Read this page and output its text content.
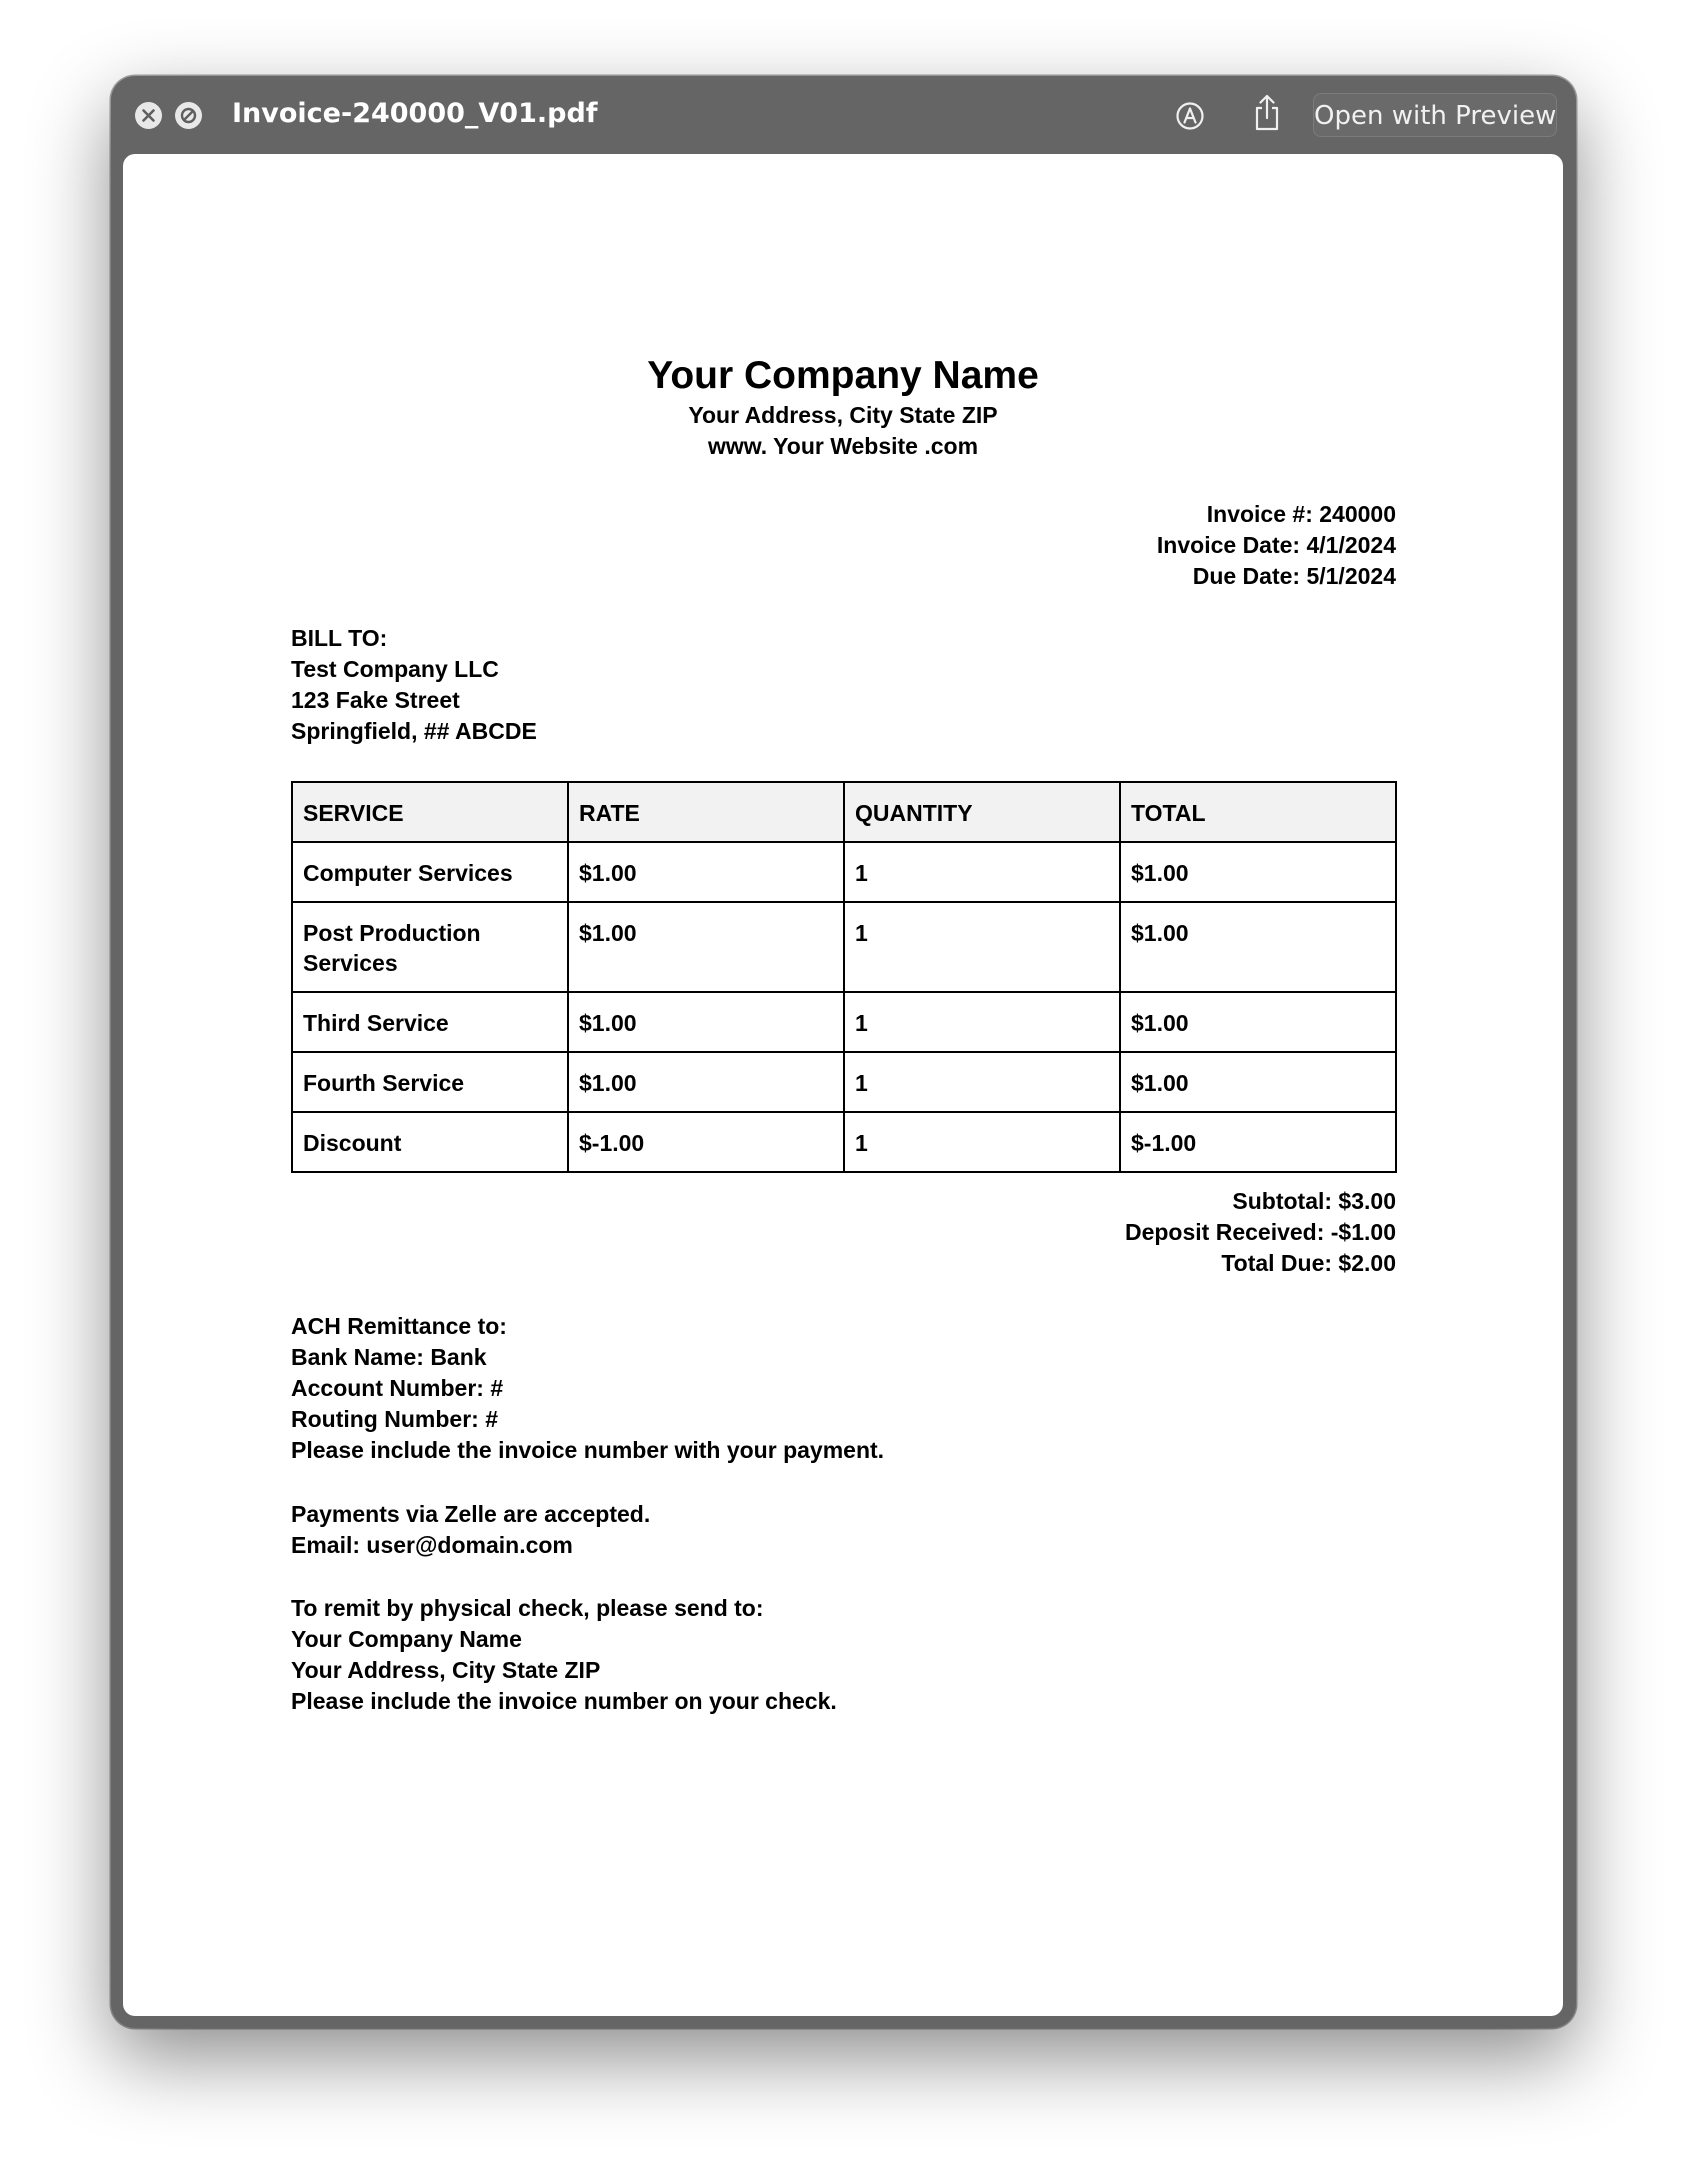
Invoice-240000_V01.pdf	Open with Preview
Your Company Name
Your Address, City State ZIP
www. Your Website .com
Invoice #: 240000
Invoice Date: 4/1/2024
Due Date: 5/1/2024
BILL TO:
Test Company LLC
123 Fake Street
Springfield, ## ABCDE
SERVICE	RATE	QUANTITY	TOTAL
Computer Services	$1.00	1	$1.00
Post Production Services	$1.00	1	$1.00
Third Service	$1.00	1	$1.00
Fourth Service	$1.00	1	$1.00
Discount	$-1.00	1	$-1.00
Subtotal: $3.00
Deposit Received: -$1.00
Total Due: $2.00
ACH Remittance to:
Bank Name: Bank
Account Number: #
Routing Number: #
Please include the invoice number with your payment.
Payments via Zelle are accepted.
Email: user@domain.com
To remit by physical check, please send to:
Your Company Name
Your Address, City State ZIP
Please include the invoice number on your check.
